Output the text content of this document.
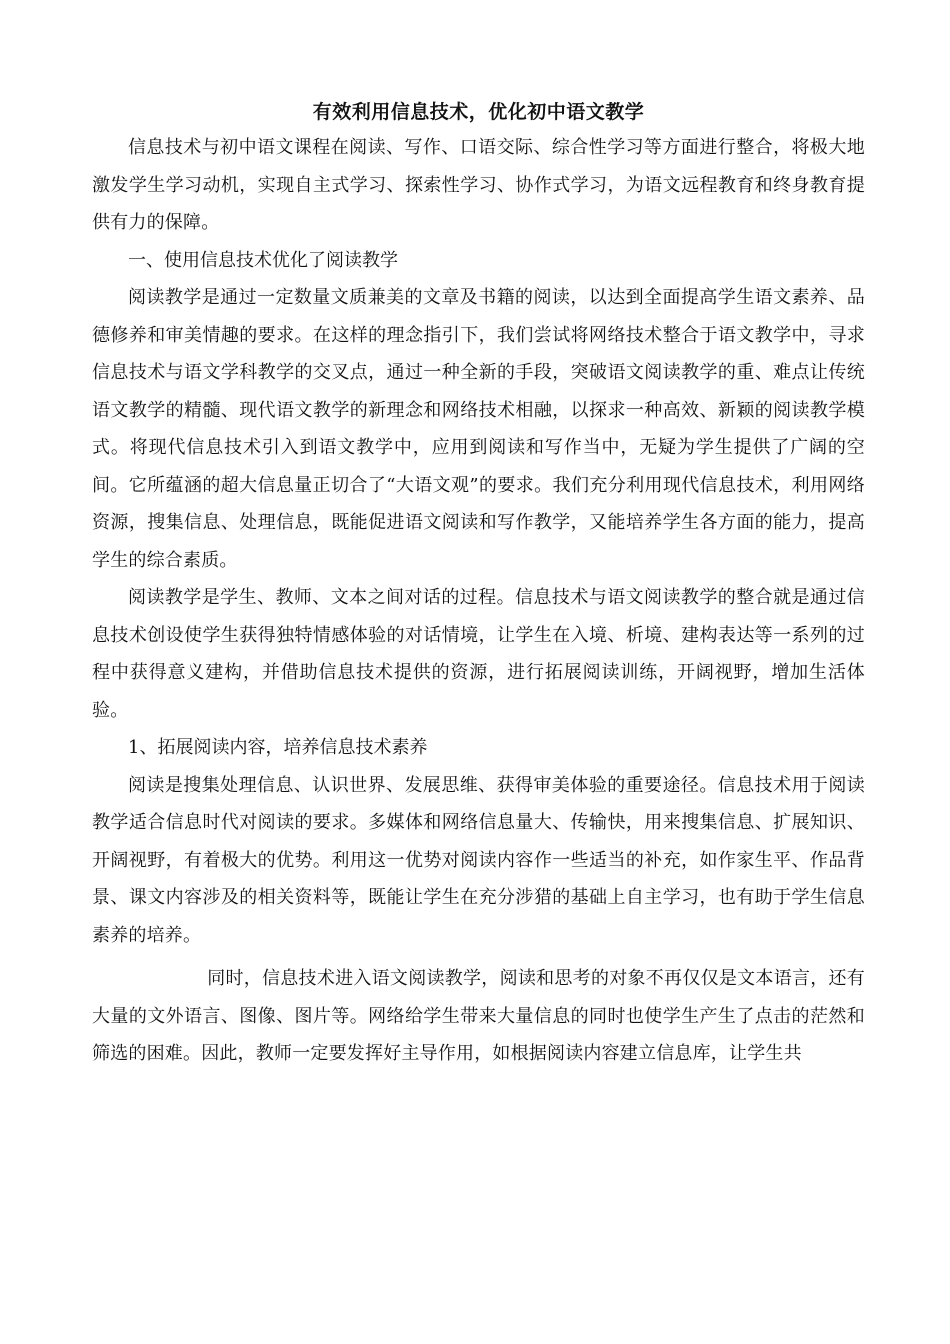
有效利用信息技术，优化初中语文教学

信息技术与初中语文课程在阅读、写作、口语交际、综合性学习等方面进行整合，将极大地激发学生学习动机，实现自主式学习、探索性学习、协作式学习，为语文远程教育和终身教育提供有力的保障。

一、使用信息技术优化了阅读教学

阅读教学是通过一定数量文质兼美的文章及书籍的阅读，以达到全面提高学生语文素养、品德修养和审美情趣的要求。在这样的理念指引下，我们尝试将网络技术整合于语文教学中，寻求信息技术与语文学科教学的交叉点，通过一种全新的手段，突破语文阅读教学的重、难点让传统语文教学的精髓、现代语文教学的新理念和网络技术相融，以探求一种高效、新颖的阅读教学模式。将现代信息技术引入到语文教学中，应用到阅读和写作当中，无疑为学生提供了广阔的空间。它所蕴涵的超大信息量正切合了“大语文观”的要求。我们充分利用现代信息技术，利用网络资源，搜集信息、处理信息，既能促进语文阅读和写作教学，又能培养学生各方面的能力，提高学生的综合素质。

阅读教学是学生、教师、文本之间对话的过程。信息技术与语文阅读教学的整合就是通过信息技术创设使学生获得独特情感体验的对话情境，让学生在入境、析境、建构表达等一系列的过程中获得意义建构，并借助信息技术提供的资源，进行拓展阅读训练，开阔视野，增加生活体验。

1、拓展阅读内容，培养信息技术素养

阅读是搜集处理信息、认识世界、发展思维、获得审美体验的重要途径。信息技术用于阅读教学适合信息时代对阅读的要求。多媒体和网络信息量大、传输快，用来搜集信息、扩展知识、开阔视野，有着极大的优势。利用这一优势对阅读内容作一些适当的补充，如作家生平、作品背景、课文内容涉及的相关资料等，既能让学生在充分涉猎的基础上自主学习，也有助于学生信息素养的培养。

同时，信息技术进入语文阅读教学，阅读和思考的对象不再仅仅是文本语言，还有大量的文外语言、图像、图片等。网络给学生带来大量信息的同时也使学生产生了点击的茫然和筛选的困难。因此，教师一定要发挥好主导作用，如根据阅读内容建立信息库，让学生共
